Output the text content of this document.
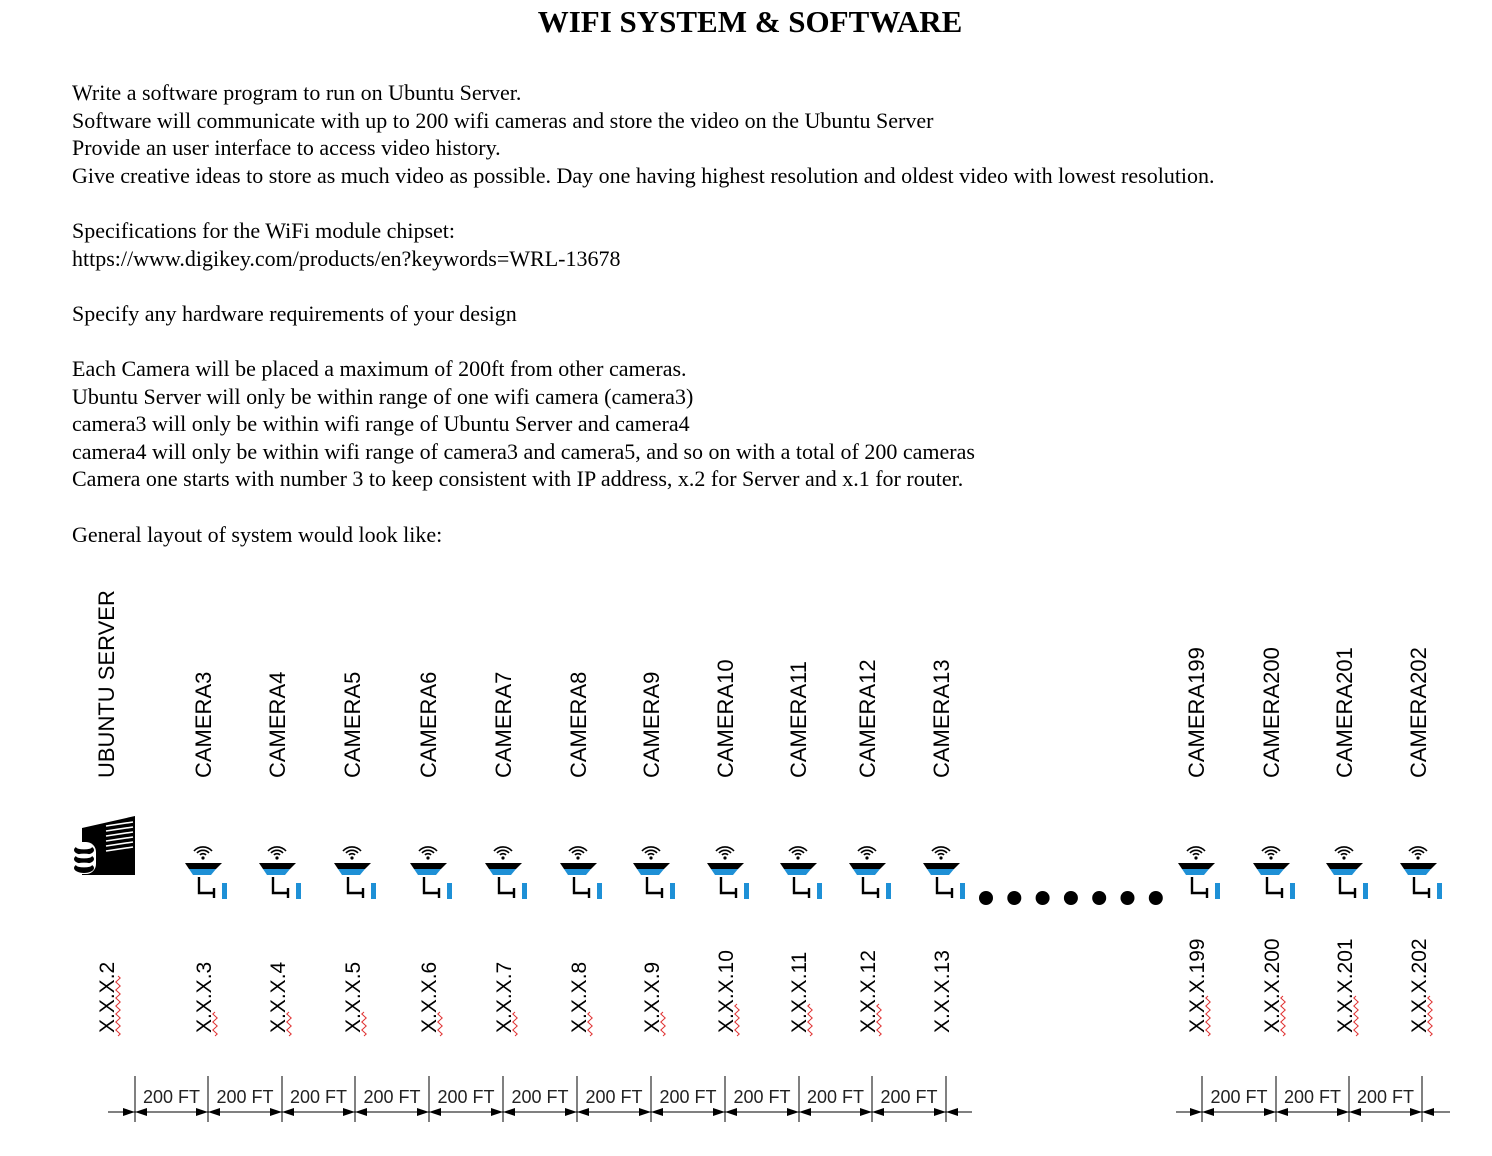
WIFI SYSTEM & SOFTWARE
Write a software program to run on Ubuntu Server.
Software will communicate with up to 200 wifi cameras and store the video on the Ubuntu Server
Provide an user interface to access video history.
Give creative ideas to store as much video as possible. Day one having highest resolution and oldest video with lowest resolution.
Specifications for the WiFi module chipset:
https://www.digikey.com/products/en?keywords=WRL-13678
Specify any hardware requirements of your design
Each Camera will be placed a maximum of 200ft from other cameras.
Ubuntu Server will only be within range of one wifi camera (camera3)
camera3 will only be within wifi range of Ubuntu Server and camera4
camera4 will only be within wifi range of camera3 and camera5, and so on with a total of 200 cameras
Camera one starts with number 3 to keep consistent with IP address, x.2 for Server and x.1 for router.
General layout of system would look like:
UBUNTU SERVER	CAMERA3 CAMERA4 CAMERA5 CAMERA6 CAMERA7 CAMERA8 CAMERA9 CAMERA10 CAMERA11 CAMERA12 CAMERA13	CAMERA199 CAMERA200 CAMERA201 CAMERA202
X.X.X.2	X.X.X.3 X.X.X.4 X.X.X.5	X.X.X.6 X.X.X.7 X.X.X.8 X.X.X.9 X.X.X.10 X.X.X.11 X.X.X.12 X.X.X.13	X.X.X.199 X.X.X.200 X.X.X.201 X.X.X.202
200 FT 200 FT 200 FT 200 FT 200 FT 200 FT 200 FT 200 FT 200 FT 200 FT 200 FT	200 FT 200 FT 200 FT
